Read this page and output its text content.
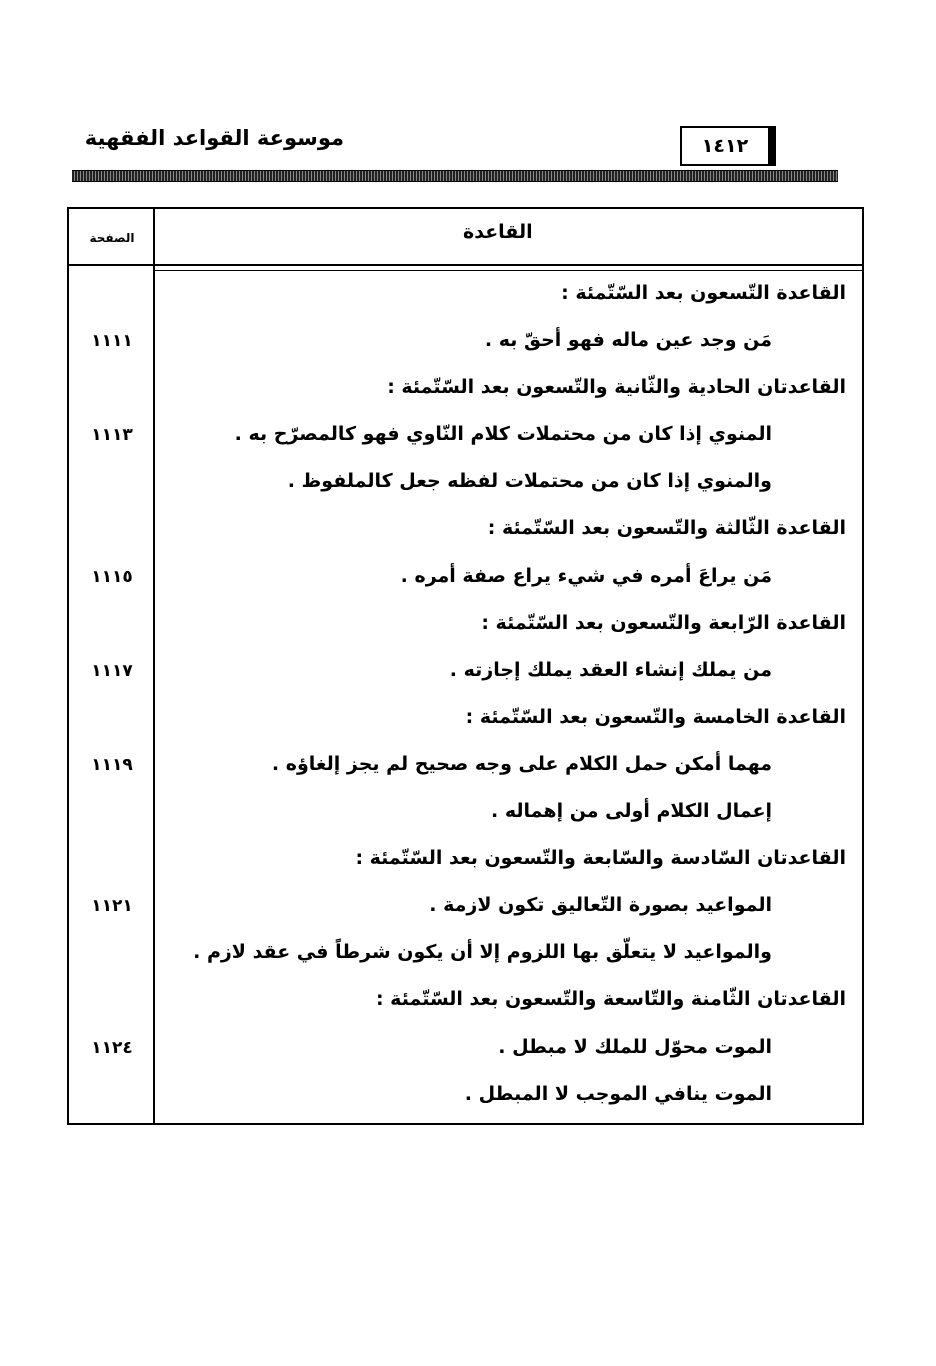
موسوعة القواعد الفقهية	١٤١٢
القاعدة
الصفحة
القاعدة التّسعون بعد السّتّمئة :
مَن وجد عين ماله فهو أحقّ به .
١١١١
القاعدتان الحادية والثّانية والتّسعون بعد السّتّمئة :
المنوي إذا كان من محتملات كلام النّاوي فهو كالمصرّح به .
١١١٣
والمنوي إذا كان من محتملات لفظه جعل كالملفوظ .
القاعدة الثّالثة والتّسعون بعد السّتّمئة :
مَن يراعَ أمره في شيء يراع صفة أمره .
١١١٥
القاعدة الرّابعة والتّسعون بعد السّتّمئة :
من يملك إنشاء العقد يملك إجازته .
١١١٧
القاعدة الخامسة والتّسعون بعد السّتّمئة :
مهما أمكن حمل الكلام على وجه صحيح لم يجز إلغاؤه .
١١١٩
إعمال الكلام أولى من إهماله .
القاعدتان السّادسة والسّابعة والتّسعون بعد السّتّمئة :
المواعيد بصورة التّعاليق تكون لازمة .
١١٢١
والمواعيد لا يتعلّق بها اللزوم إلا أن يكون شرطاً في عقد لازم .
القاعدتان الثّامنة والتّاسعة والتّسعون بعد السّتّمئة :
الموت محوّل للملك لا مبطل .
١١٢٤
الموت ينافي الموجب لا المبطل .
